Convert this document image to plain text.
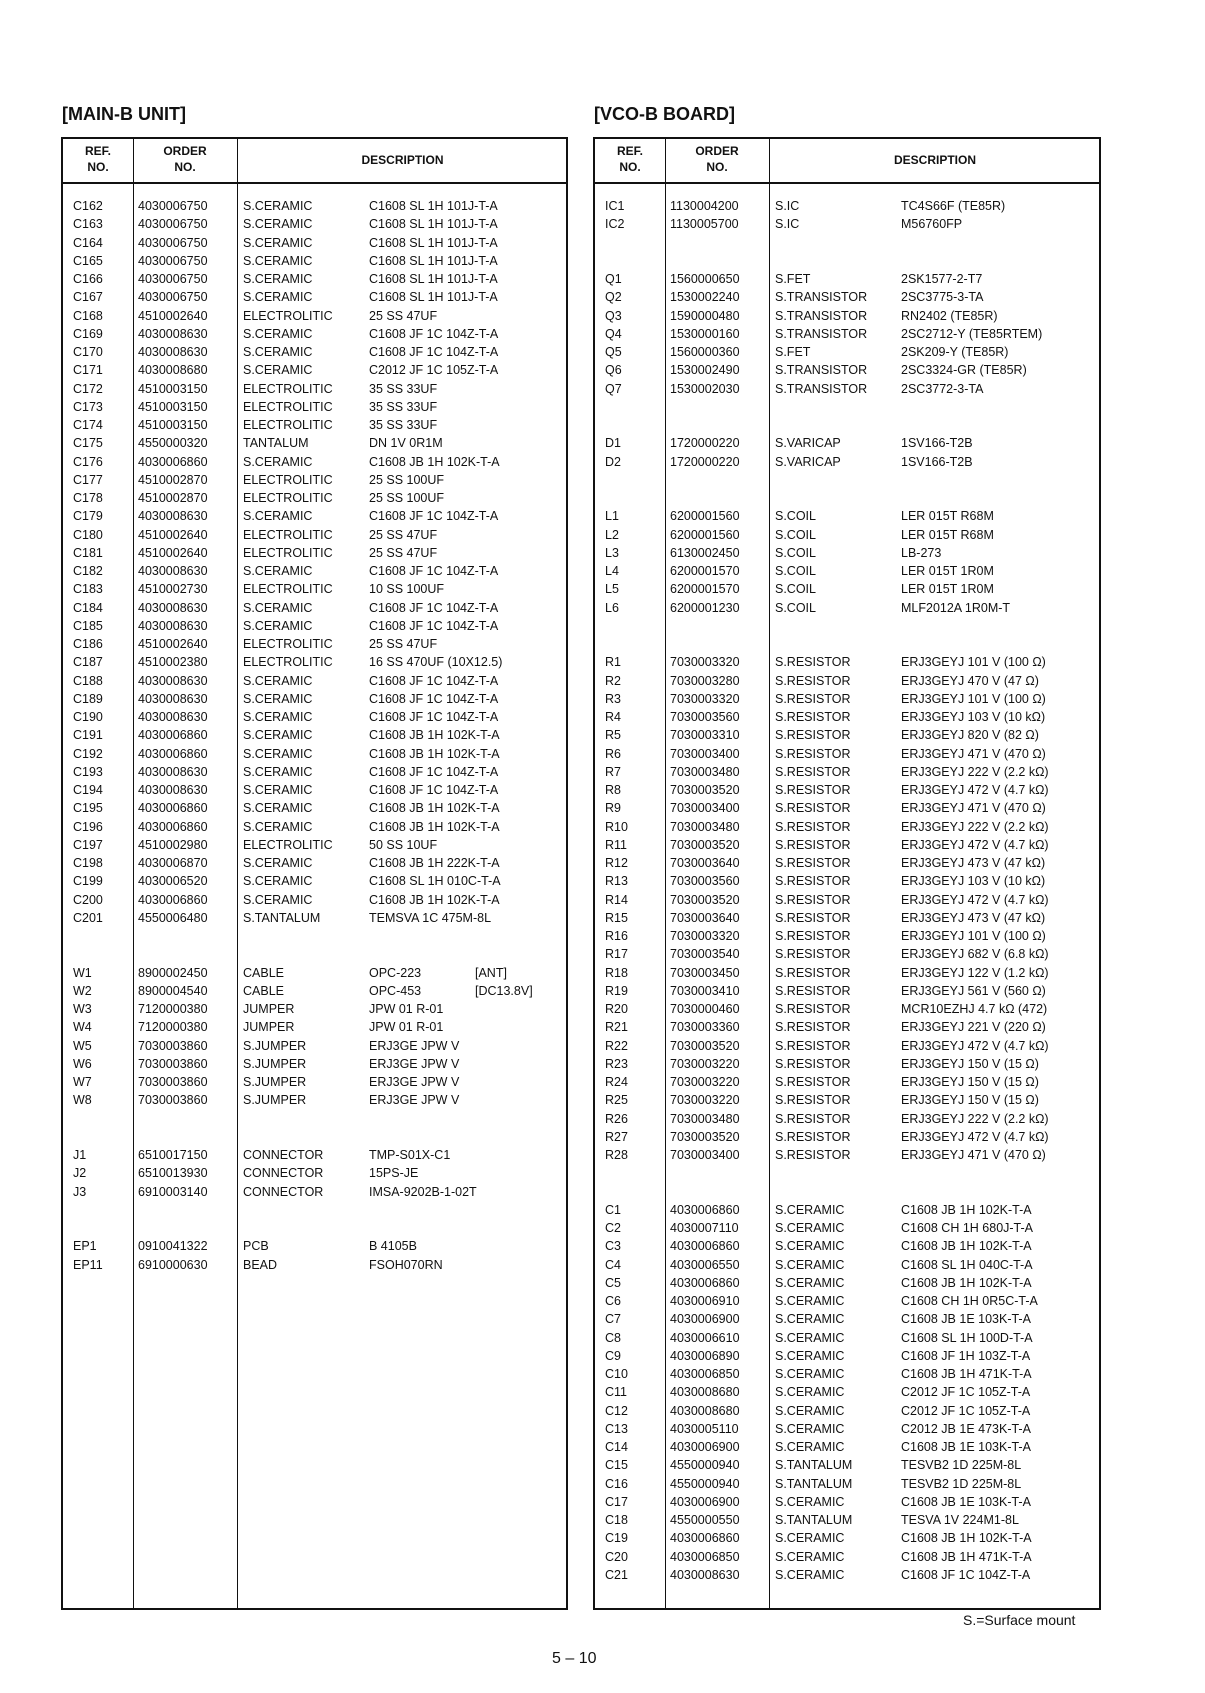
[MAIN-B UNIT]	[VCO-B BOARD]
REF.
NO.
ORDER
NO.	DESCRIPTION
C162	4030006750	S.CERAMIC	C1608 SL 1H 101J-T-A
C163	4030006750	S.CERAMIC	C1608 SL 1H 101J-T-A
C164	4030006750	S.CERAMIC	C1608 SL 1H 101J-T-A
C165	4030006750	S.CERAMIC	C1608 SL 1H 101J-T-A
C166	4030006750	S.CERAMIC	C1608 SL 1H 101J-T-A
C167	4030006750	S.CERAMIC	C1608 SL 1H 101J-T-A
C168	4510002640	ELECTROLITIC	25 SS 47UF
C169	4030008630	S.CERAMIC	C1608 JF 1C 104Z-T-A
C170	4030008630	S.CERAMIC	C1608 JF 1C 104Z-T-A
C171	4030008680	S.CERAMIC	C2012 JF 1C 105Z-T-A
C172	4510003150	ELECTROLITIC	35 SS 33UF
C173	4510003150	ELECTROLITIC	35 SS 33UF
C174	4510003150	ELECTROLITIC	35 SS 33UF
C175	4550000320	TANTALUM	DN 1V 0R1M
C176	4030006860	S.CERAMIC	C1608 JB 1H 102K-T-A
C177	4510002870	ELECTROLITIC	25 SS 100UF
C178	4510002870	ELECTROLITIC	25 SS 100UF
C179	4030008630	S.CERAMIC	C1608 JF 1C 104Z-T-A
C180	4510002640	ELECTROLITIC	25 SS 47UF
C181	4510002640	ELECTROLITIC	25 SS 47UF
C182	4030008630	S.CERAMIC	C1608 JF 1C 104Z-T-A
C183	4510002730	ELECTROLITIC	10 SS 100UF
C184	4030008630	S.CERAMIC	C1608 JF 1C 104Z-T-A
C185	4030008630	S.CERAMIC	C1608 JF 1C 104Z-T-A
C186	4510002640	ELECTROLITIC	25 SS 47UF
C187	4510002380	ELECTROLITIC	16 SS 470UF (10X12.5)
C188	4030008630	S.CERAMIC	C1608 JF 1C 104Z-T-A
C189	4030008630	S.CERAMIC	C1608 JF 1C 104Z-T-A
C190	4030008630	S.CERAMIC	C1608 JF 1C 104Z-T-A
C191	4030006860	S.CERAMIC	C1608 JB 1H 102K-T-A
C192	4030006860	S.CERAMIC	C1608 JB 1H 102K-T-A
C193	4030008630	S.CERAMIC	C1608 JF 1C 104Z-T-A
C194	4030008630	S.CERAMIC	C1608 JF 1C 104Z-T-A
C195	4030006860	S.CERAMIC	C1608 JB 1H 102K-T-A
C196	4030006860	S.CERAMIC	C1608 JB 1H 102K-T-A
C197	4510002980	ELECTROLITIC	50 SS 10UF
C198	4030006870	S.CERAMIC	C1608 JB 1H 222K-T-A
C199	4030006520	S.CERAMIC	C1608 SL 1H 010C-T-A
C200	4030006860	S.CERAMIC	C1608 JB 1H 102K-T-A
C201	4550006480	S.TANTALUM	TEMSVA 1C 475M-8L
W1	8900002450	CABLE	OPC-223	[ANT]
W2	8900004540	CABLE	OPC-453	[DC13.8V]
W3	7120000380	JUMPER	JPW 01 R-01
W4	7120000380	JUMPER	JPW 01 R-01
W5	7030003860	S.JUMPER	ERJ3GE JPW V
W6	7030003860	S.JUMPER	ERJ3GE JPW V
W7	7030003860	S.JUMPER	ERJ3GE JPW V
W8	7030003860	S.JUMPER	ERJ3GE JPW V
J1	6510017150	CONNECTOR	TMP-S01X-C1
J2	6510013930	CONNECTOR	15PS-JE
J3	6910003140	CONNECTOR	IMSA-9202B-1-02T
EP1	0910041322	PCB	B 4105B
EP11	6910000630	BEAD	FSOH070RN
REF.
NO.
ORDER
NO.	DESCRIPTION
IC1	1130004200	S.IC	TC4S66F (TE85R)
IC2	1130005700	S.IC	M56760FP
Q1	1560000650	S.FET	2SK1577-2-T7
Q2	1530002240	S.TRANSISTOR	2SC3775-3-TA
Q3	1590000480	S.TRANSISTOR	RN2402 (TE85R)
Q4	1530000160	S.TRANSISTOR	2SC2712-Y (TE85RTEM)
Q5	1560000360	S.FET	2SK209-Y (TE85R)
Q6	1530002490	S.TRANSISTOR	2SC3324-GR (TE85R)
Q7	1530002030	S.TRANSISTOR	2SC3772-3-TA
D1	1720000220	S.VARICAP	1SV166-T2B
D2	1720000220	S.VARICAP	1SV166-T2B
L1	6200001560	S.COIL	LER 015T R68M
L2	6200001560	S.COIL	LER 015T R68M
L3	6130002450	S.COIL	LB-273
L4	6200001570	S.COIL	LER 015T 1R0M
L5	6200001570	S.COIL	LER 015T 1R0M
L6	6200001230	S.COIL	MLF2012A 1R0M-T
R1	7030003320	S.RESISTOR	ERJ3GEYJ 101 V (100 Ω)
R2	7030003280	S.RESISTOR	ERJ3GEYJ 470 V (47 Ω)
R3	7030003320	S.RESISTOR	ERJ3GEYJ 101 V (100 Ω)
R4	7030003560	S.RESISTOR	ERJ3GEYJ 103 V (10 kΩ)
R5	7030003310	S.RESISTOR	ERJ3GEYJ 820 V (82 Ω)
R6	7030003400	S.RESISTOR	ERJ3GEYJ 471 V (470 Ω)
R7	7030003480	S.RESISTOR	ERJ3GEYJ 222 V (2.2 kΩ)
R8	7030003520	S.RESISTOR	ERJ3GEYJ 472 V (4.7 kΩ)
R9	7030003400	S.RESISTOR	ERJ3GEYJ 471 V (470 Ω)
R10	7030003480	S.RESISTOR	ERJ3GEYJ 222 V (2.2 kΩ)
R11	7030003520	S.RESISTOR	ERJ3GEYJ 472 V (4.7 kΩ)
R12	7030003640	S.RESISTOR	ERJ3GEYJ 473 V (47 kΩ)
R13	7030003560	S.RESISTOR	ERJ3GEYJ 103 V (10 kΩ)
R14	7030003520	S.RESISTOR	ERJ3GEYJ 472 V (4.7 kΩ)
R15	7030003640	S.RESISTOR	ERJ3GEYJ 473 V (47 kΩ)
R16	7030003320	S.RESISTOR	ERJ3GEYJ 101 V (100 Ω)
R17	7030003540	S.RESISTOR	ERJ3GEYJ 682 V (6.8 kΩ)
R18	7030003450	S.RESISTOR	ERJ3GEYJ 122 V (1.2 kΩ)
R19	7030003410	S.RESISTOR	ERJ3GEYJ 561 V (560 Ω)
R20	7030000460	S.RESISTOR	MCR10EZHJ 4.7 kΩ (472)
R21	7030003360	S.RESISTOR	ERJ3GEYJ 221 V (220 Ω)
R22	7030003520	S.RESISTOR	ERJ3GEYJ 472 V (4.7 kΩ)
R23	7030003220	S.RESISTOR	ERJ3GEYJ 150 V (15 Ω)
R24	7030003220	S.RESISTOR	ERJ3GEYJ 150 V (15 Ω)
R25	7030003220	S.RESISTOR	ERJ3GEYJ 150 V (15 Ω)
R26	7030003480	S.RESISTOR	ERJ3GEYJ 222 V (2.2 kΩ)
R27	7030003520	S.RESISTOR	ERJ3GEYJ 472 V (4.7 kΩ)
R28	7030003400	S.RESISTOR	ERJ3GEYJ 471 V (470 Ω)
C1	4030006860	S.CERAMIC	C1608 JB 1H 102K-T-A
C2	4030007110	S.CERAMIC	C1608 CH 1H 680J-T-A
C3	4030006860	S.CERAMIC	C1608 JB 1H 102K-T-A
C4	4030006550	S.CERAMIC	C1608 SL 1H 040C-T-A
C5	4030006860	S.CERAMIC	C1608 JB 1H 102K-T-A
C6	4030006910	S.CERAMIC	C1608 CH 1H 0R5C-T-A
C7	4030006900	S.CERAMIC	C1608 JB 1E 103K-T-A
C8	4030006610	S.CERAMIC	C1608 SL 1H 100D-T-A
C9	4030006890	S.CERAMIC	C1608 JF 1H 103Z-T-A
C10	4030006850	S.CERAMIC	C1608 JB 1H 471K-T-A
C11	4030008680	S.CERAMIC	C2012 JF 1C 105Z-T-A
C12	4030008680	S.CERAMIC	C2012 JF 1C 105Z-T-A
C13	4030005110	S.CERAMIC	C2012 JB 1E 473K-T-A
C14	4030006900	S.CERAMIC	C1608 JB 1E 103K-T-A
C15	4550000940	S.TANTALUM	TESVB2 1D 225M-8L
C16	4550000940	S.TANTALUM	TESVB2 1D 225M-8L
C17	4030006900	S.CERAMIC	C1608 JB 1E 103K-T-A
C18	4550000550	S.TANTALUM	TESVA 1V 224M1-8L
C19	4030006860	S.CERAMIC	C1608 JB 1H 102K-T-A
C20	4030006850	S.CERAMIC	C1608 JB 1H 471K-T-A
C21	4030008630	S.CERAMIC	C1608 JF 1C 104Z-T-A
S.=Surface mount
5 – 10
